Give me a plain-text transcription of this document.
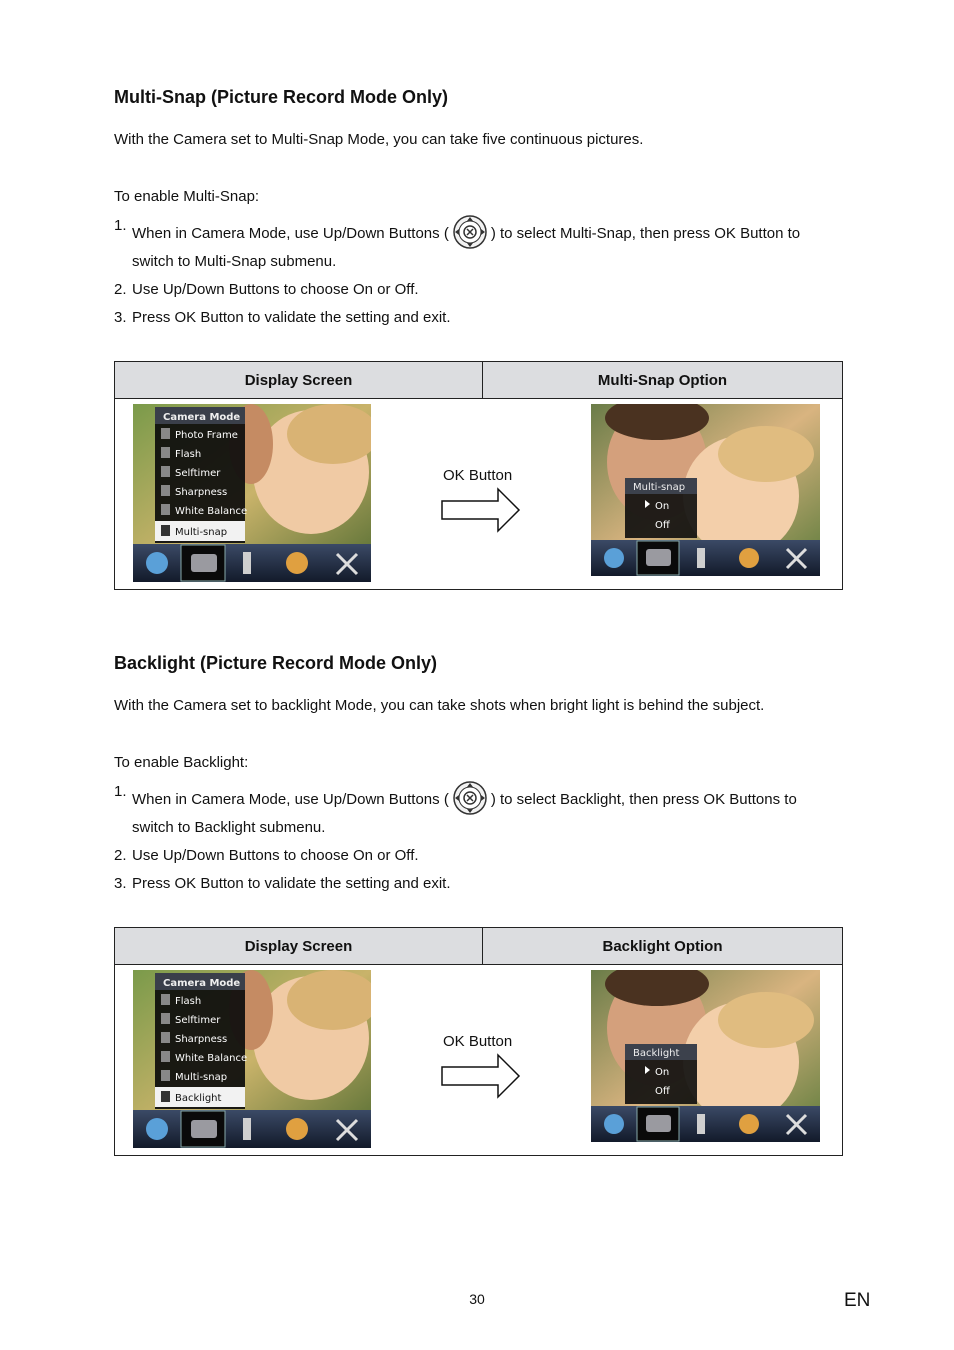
Multi-Snap (Picture Record Mode Only)

With the Camera set to Multi-Snap Mode, you can take five continuous pictures.

To enable Multi-Snap:

1. When in Camera Mode, use Up/Down Buttons (	) to select Multi-Snap, then press OK Button to switch to Multi-Snap submenu.
2. Use Up/Down Buttons to choose On or Off.
3. Press OK Button to validate the setting and exit.
Display Screen	Multi-Snap Option

Camera Mode
Photo Frame
Flash
Selftimer
Sharpness
White Balance
Multi-snap
OK Button
Multi-snap
On
Off
Backlight (Picture Record Mode Only)

With the Camera set to backlight Mode, you can take shots when bright light is behind the subject.

To enable Backlight:

1. When in Camera Mode, use Up/Down Buttons (	) to select Backlight, then press OK Buttons to switch to Backlight submenu.
2. Use Up/Down Buttons to choose On or Off.
3. Press OK Button to validate the setting and exit.
Display Screen	Backlight Option

Camera Mode
Flash
Selftimer
Sharpness
White Balance
Multi-snap
Backlight
OK Button
Backlight
On
Off
30	EN
